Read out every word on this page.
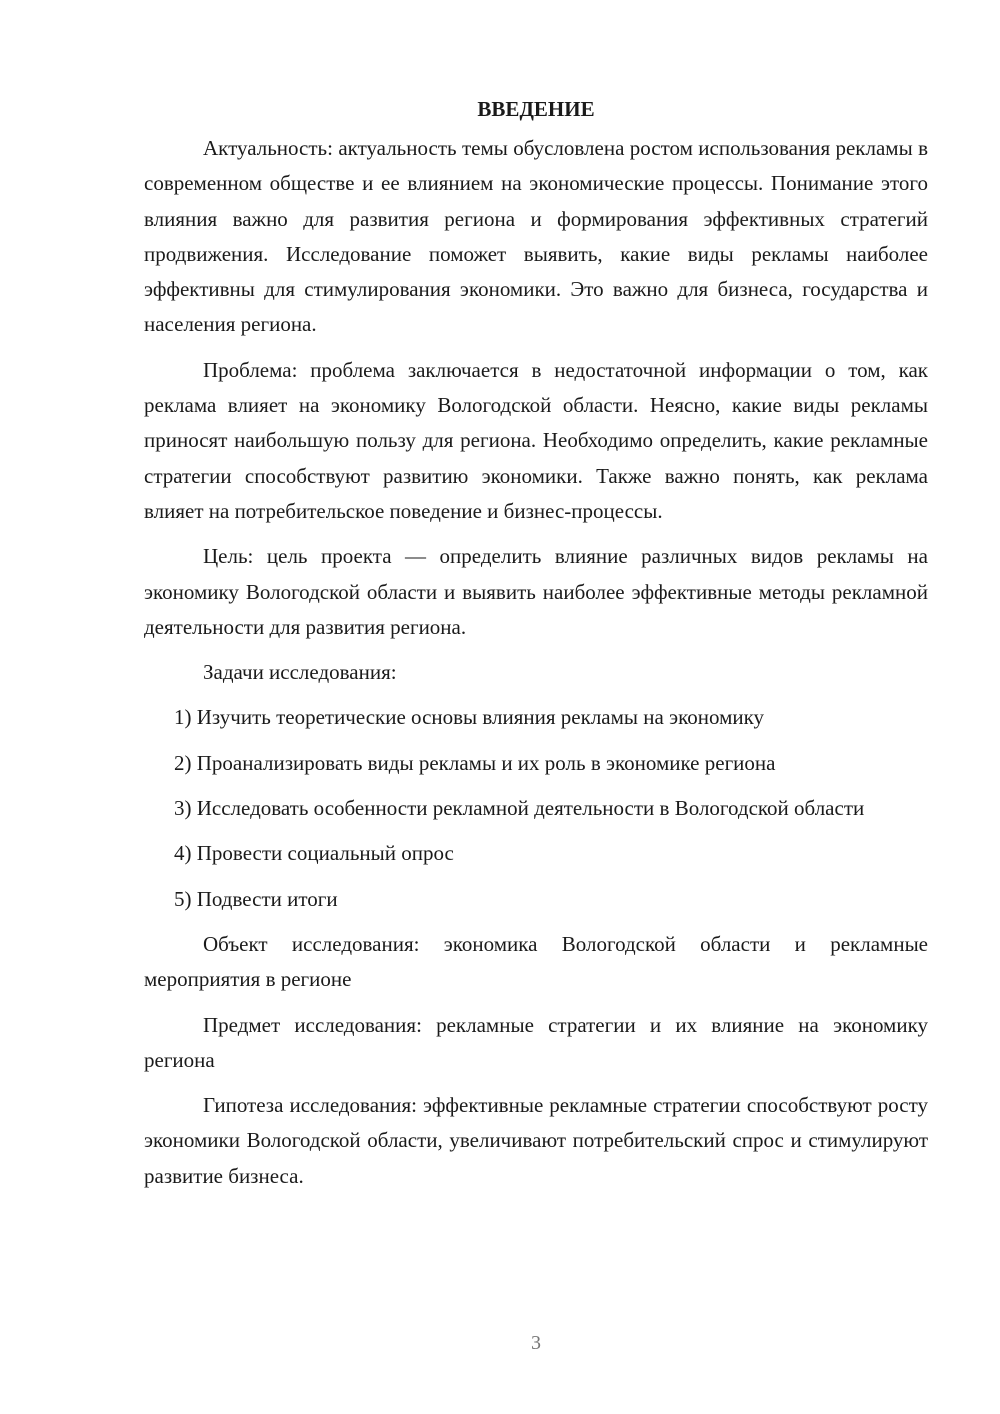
ВВЕДЕНИЕ

Актуальность: актуальность темы обусловлена ростом использования рекламы в современном обществе и ее влиянием на экономические процессы. Понимание этого влияния важно для развития региона и формирования эффективных стратегий продвижения. Исследование поможет выявить, какие виды рекламы наиболее эффективны для стимулирования экономики. Это важно для бизнеса, государства и населения региона.

Проблема: проблема заключается в недостаточной информации о том, как реклама влияет на экономику Вологодской области. Неясно, какие виды рекламы приносят наибольшую пользу для региона. Необходимо определить, какие рекламные стратегии способствуют развитию экономики. Также важно понять, как реклама влияет на потребительское поведение и бизнес-процессы.

Цель: цель проекта — определить влияние различных видов рекламы на экономику Вологодской области и выявить наиболее эффективные методы рекламной деятельности для развития региона.

Задачи исследования:

1) Изучить теоретические основы влияния рекламы на экономику

2) Проанализировать виды рекламы и их роль в экономике региона

3) Исследовать особенности рекламной деятельности в Вологодской области

4) Провести социальный опрос

5) Подвести итоги

Объект исследования: экономика Вологодской области и рекламные мероприятия в регионе

Предмет исследования: рекламные стратегии и их влияние на экономику региона

Гипотеза исследования: эффективные рекламные стратегии способствуют росту экономики Вологодской области, увеличивают потребительский спрос и стимулируют развитие бизнеса.

3
